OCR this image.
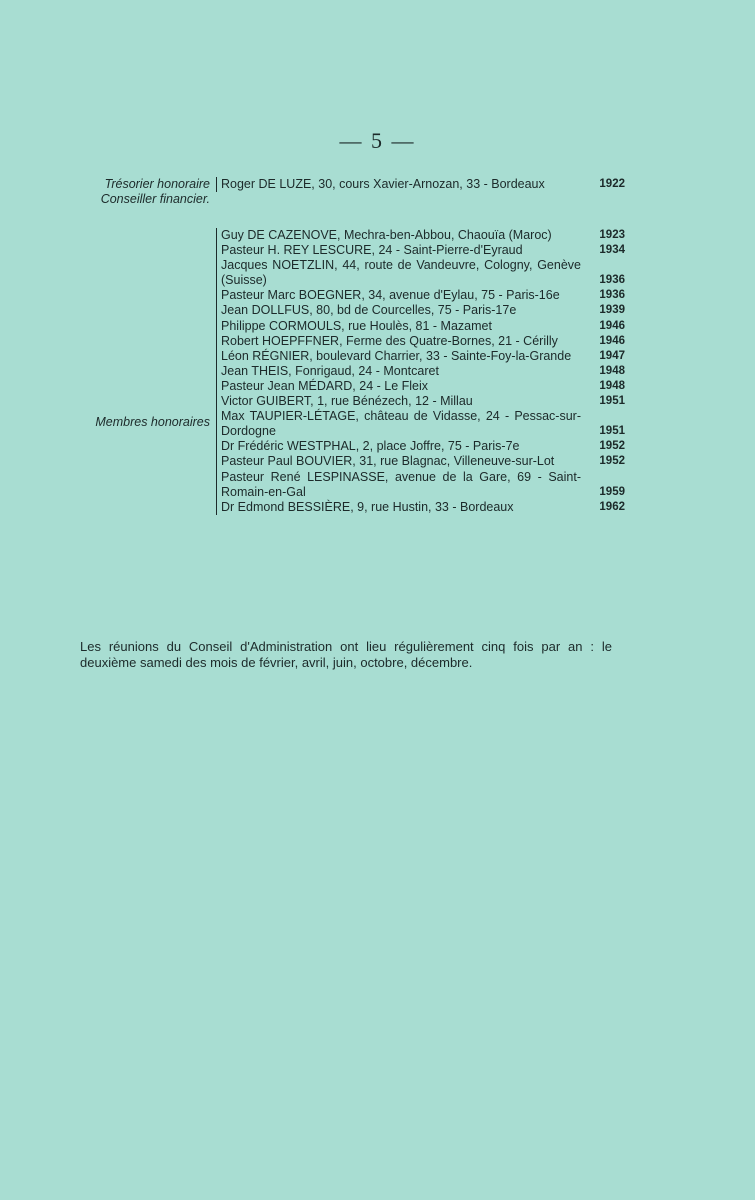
— 5 —
Trésorier honoraire
Conseiller financier.
Roger DE LUZE, 30, cours Xavier-Arnozan, 33 - Bordeaux	1922
Membres honoraires
Guy DE CAZENOVE, Mechra-ben-Abbou, Chaouïa (Maroc)	1923
Pasteur H. REY LESCURE, 24 - Saint-Pierre-d'Eyraud	1934
Jacques NOETZLIN, 44, route de Vandeuvre, Cologny, Genève (Suisse)	1936
Pasteur Marc BOEGNER, 34, avenue d'Eylau, 75 - Paris-16e	1936
Jean DOLLFUS, 80, bd de Courcelles, 75 - Paris-17e	1939
Philippe CORMOULS, rue Houlès, 81 - Mazamet	1946
Robert HOEPFFNER, Ferme des Quatre-Bornes, 21 - Cérilly	1946
Léon RÉGNIER, boulevard Charrier, 33 - Sainte-Foy-la-Grande	1947
Jean THEIS, Fonrigaud, 24 - Montcaret	1948
Pasteur Jean MÉDARD, 24 - Le Fleix	1948
Victor GUIBERT, 1, rue Bénézech, 12 - Millau	1951
Max TAUPIER-LÉTAGE, château de Vidasse, 24 - Pessac-sur-Dordogne	1951
Dr Frédéric WESTPHAL, 2, place Joffre, 75 - Paris-7e	1952
Pasteur Paul BOUVIER, 31, rue Blagnac, Villeneuve-sur-Lot	1952
Pasteur René LESPINASSE, avenue de la Gare, 69 - Saint-Romain-en-Gal	1959
Dr Edmond BESSIÈRE, 9, rue Hustin, 33 - Bordeaux	1962
Les réunions du Conseil d'Administration ont lieu régulièrement cinq fois par an : le deuxième samedi des mois de février, avril, juin, octobre, décembre.
